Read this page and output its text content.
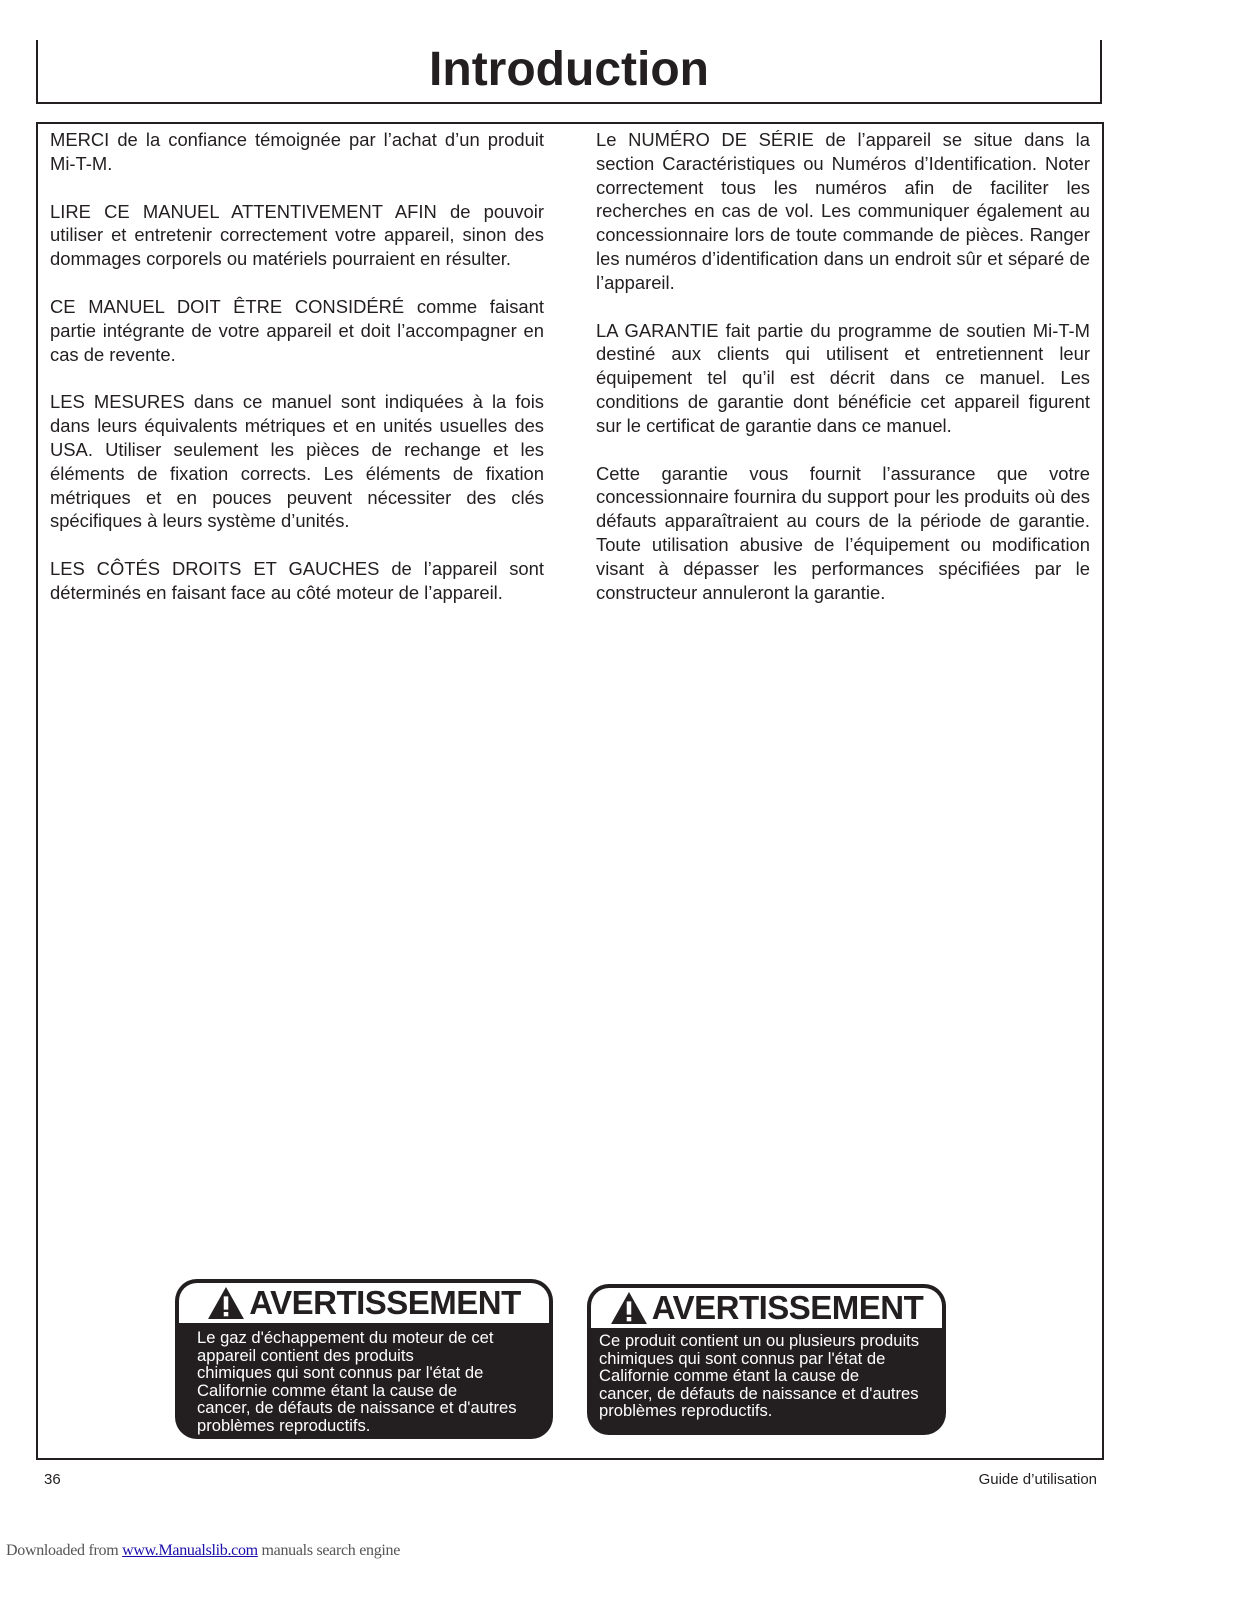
Introduction

MERCI de la confiance témoignée par l’achat d’un produit Mi-T-M.

LIRE CE MANUEL ATTENTIVEMENT AFIN de pouvoir utiliser et entretenir correctement votre appareil, sinon des dommages corporels ou matériels pourraient en résulter.

CE MANUEL DOIT ÊTRE CONSIDÉRÉ comme faisant partie intégrante de votre appareil et doit l’accompagner en cas de revente.

LES MESURES dans ce manuel sont indiquées à la fois dans leurs équivalents métriques et en unités usuelles des USA. Utiliser seulement les pièces de rechange et les éléments de fixation corrects. Les éléments de fixation métriques et en pouces peuvent nécessiter des clés spécifiques à leurs système d’unités.

LES CÔTÉS DROITS ET GAUCHES de l’appareil sont déterminés en faisant face au côté moteur de l’appareil.

Le NUMÉRO DE SÉRIE de l’appareil se situe dans la section Caractéristiques ou Numéros d’Identification. Noter correctement tous les numéros afin de faciliter les recherches en cas de vol. Les communiquer également au concessionnaire lors de toute commande de pièces. Ranger les numéros d’identification dans un endroit sûr et séparé de l’appareil.

LA GARANTIE fait partie du programme de soutien Mi-T-M destiné aux clients qui utilisent et entretiennent leur équipement tel qu’il est décrit dans ce manuel. Les conditions de garantie dont bénéficie cet appareil figurent sur le certificat de garantie dans ce manuel.

Cette garantie vous fournit l’assurance que votre concessionnaire fournira du support pour les produits où des défauts apparaîtraient au cours de la période de garantie. Toute utilisation abusive de l’équipement ou modification visant à dépasser les performances spécifiées par le constructeur annuleront la garantie.

AVERTISSEMENT
Le gaz d'échappement du moteur de cet
appareil contient des produits
chimiques qui sont connus par l'état de
Californie comme étant la cause de
cancer, de défauts de naissance et d'autres
problèmes reproductifs.
AVERTISSEMENT
Ce produit contient un ou plusieurs produits
chimiques qui sont connus par l'état de
Californie comme étant la cause de
cancer, de défauts de naissance et d'autres
problèmes reproductifs.
36	Guide d’utilisation
Downloaded from www.Manualslib.com manuals search engine
